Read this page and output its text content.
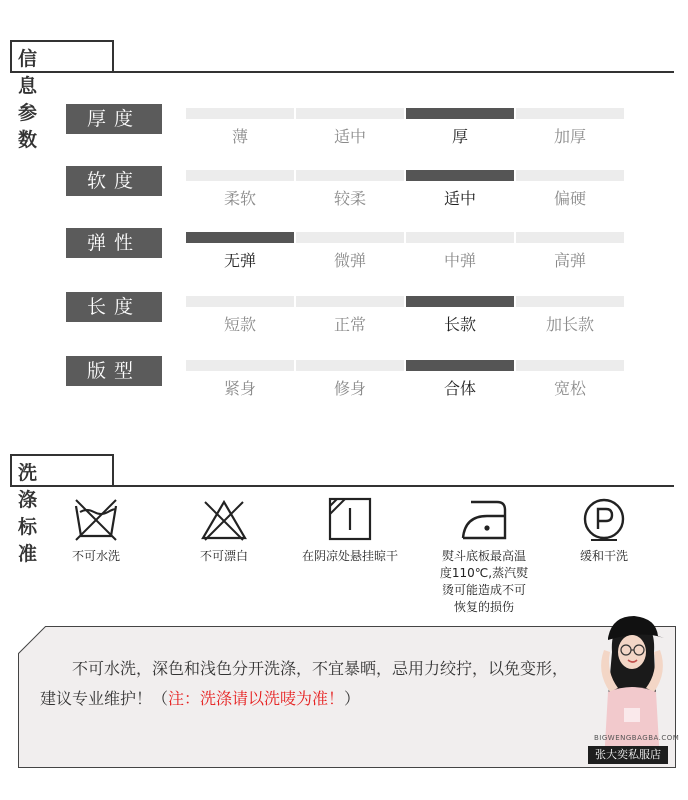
信息参数
厚度
薄	适中	厚	加厚
软度
柔软	较柔	适中	偏硬
弹性
无弹	微弹	中弹	高弹
长度
短款	正常	长款	加长款
版型
紧身	修身	合体	宽松
洗涤标准	不可水洗	不可漂白	在阴凉处悬挂晾干	熨斗底板最高温
度110℃,蒸汽熨
烫可能造成不可
恢复的损伤
缓和干洗
不可水洗，深色和浅色分开洗涤，不宜暴晒，忌用力绞拧，以免变形，
建议专业维护！（注：洗涤请以洗唛为准！）
BIGWENGBAGBA.COM
张大奕私服店
